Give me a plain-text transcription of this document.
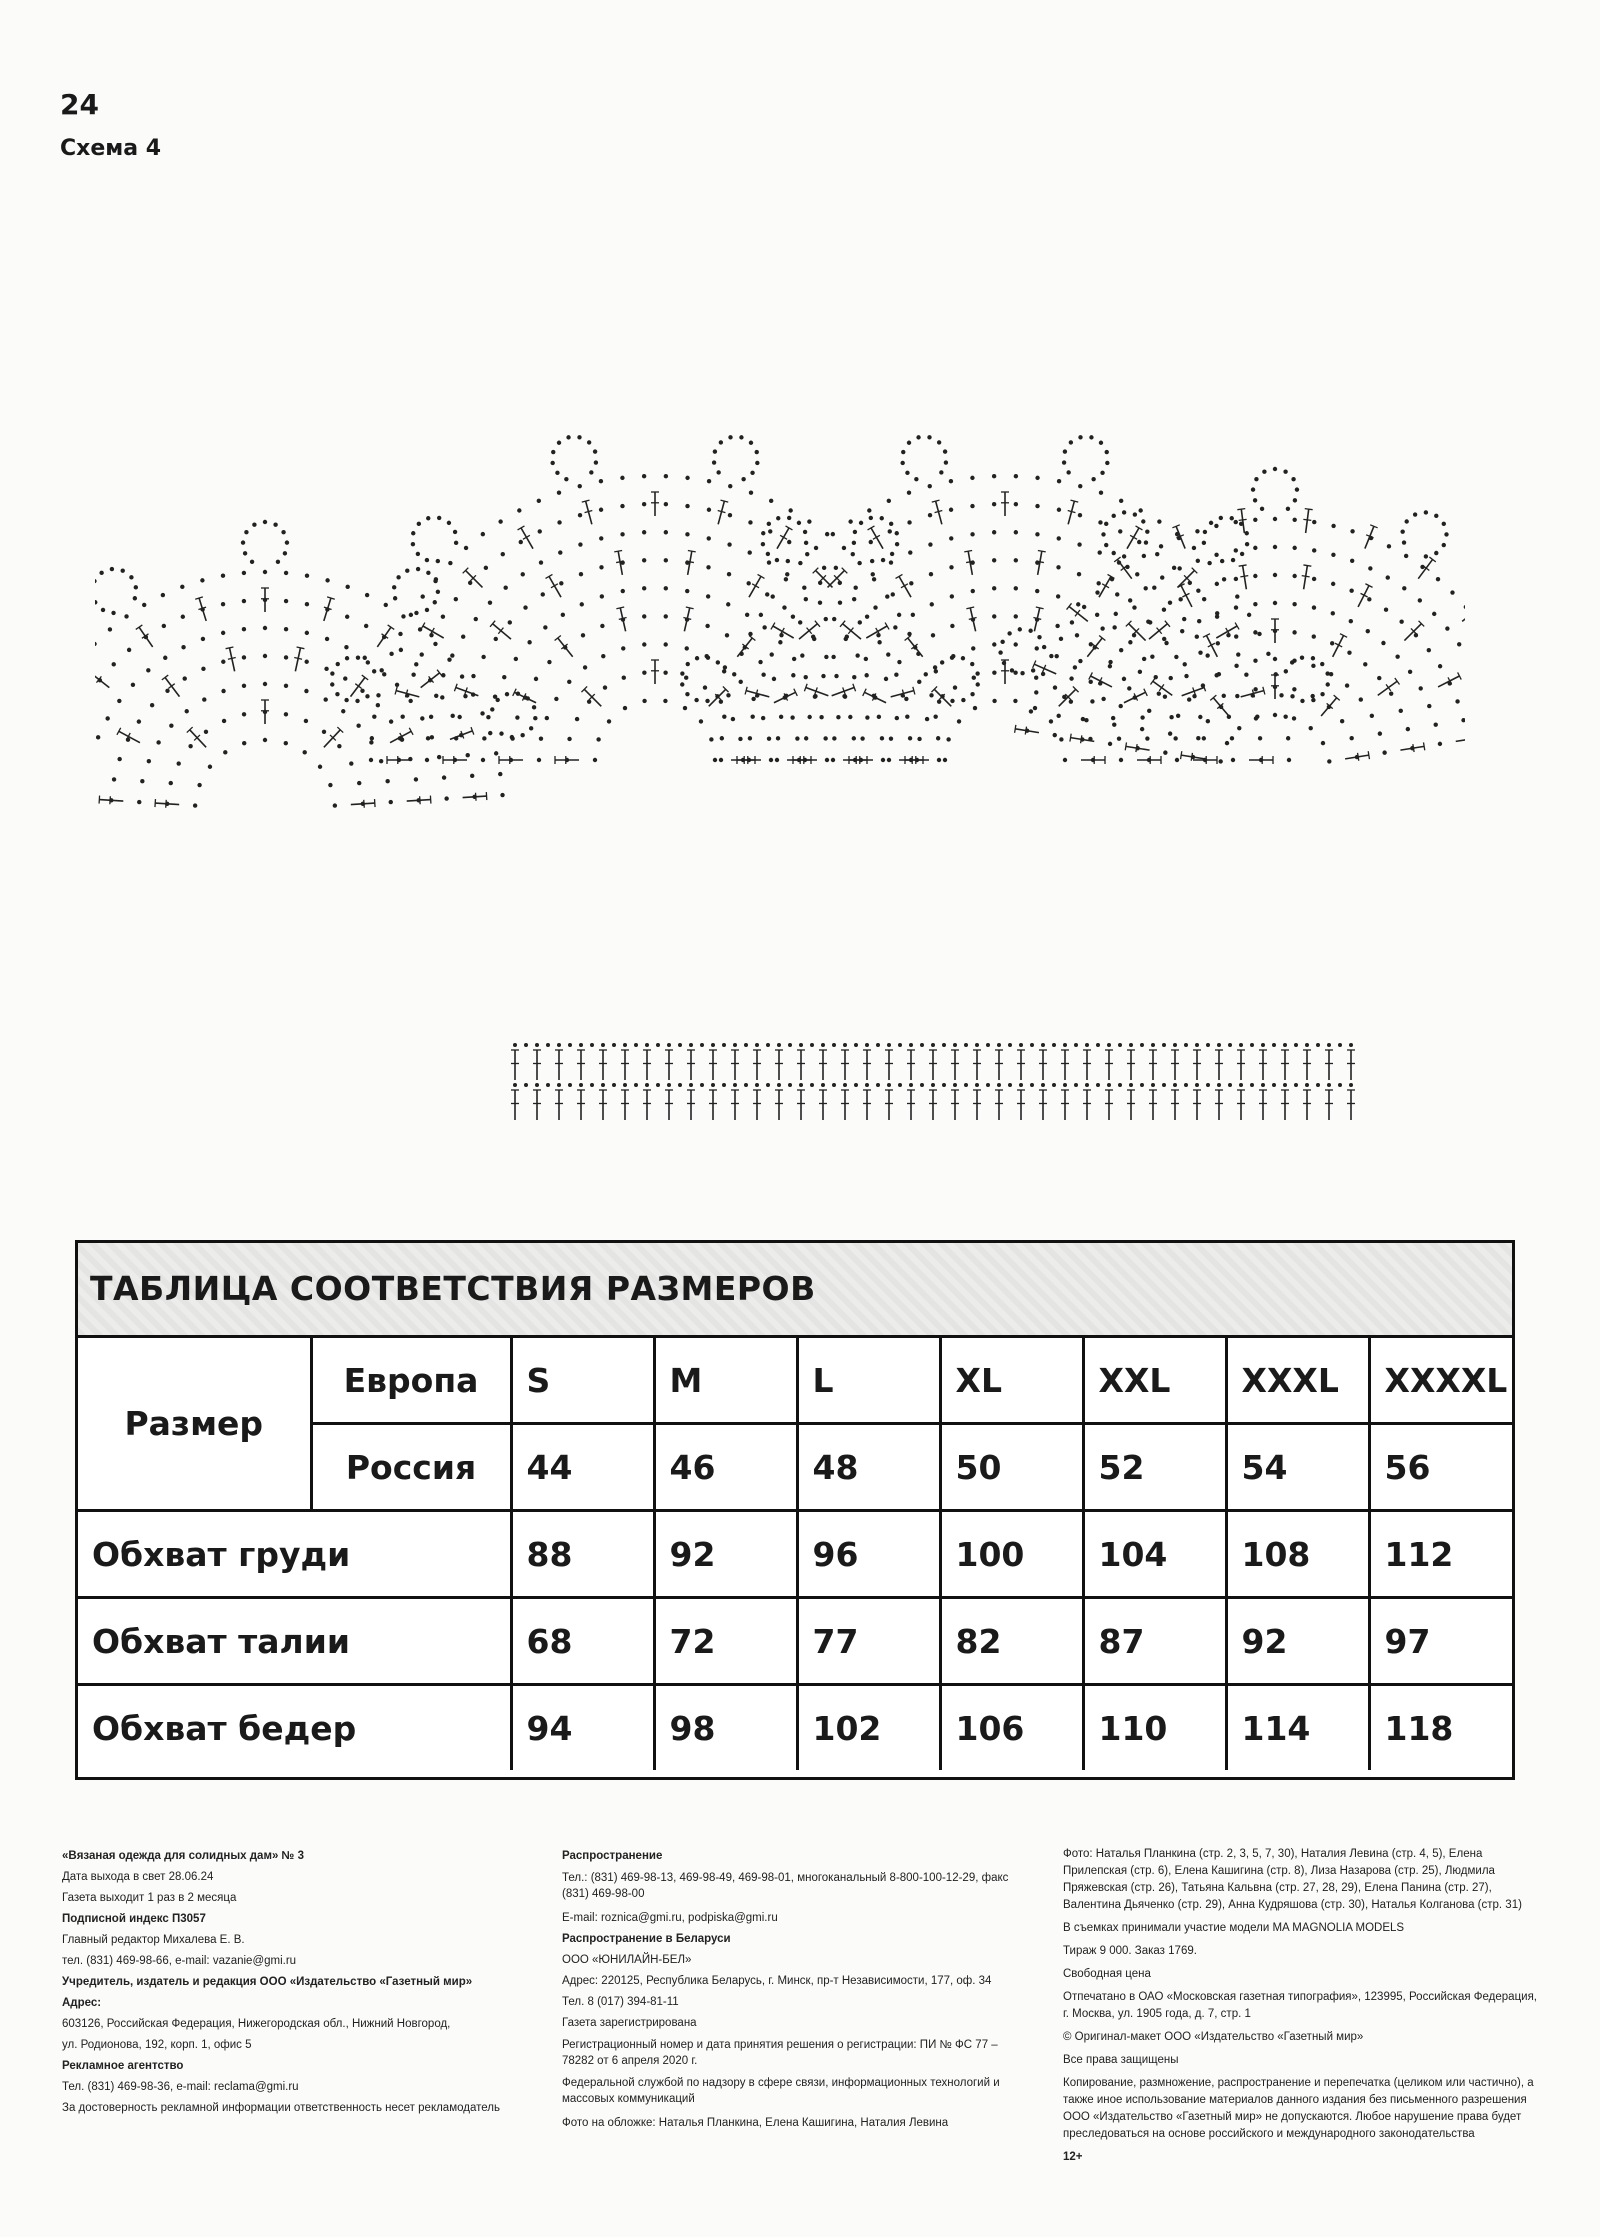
24
Схема 4
ТАБЛИЦА СООТВЕТСТВИЯ РАЗМЕРОВ
Размер	Европа	S	M	L	XL	XXL	XXXL	XXXXL
	Россия	44	46	48	50	52	54	56
Обхват груди		88	92	96	100	104	108	112
Обхват талии		68	72	77	82	87	92	97
Обхват бедер		94	98	102	106	110	114	118
«Вязаная одежда для солидных дам» № 3
Дата выхода в свет 28.06.24
Газета выходит 1 раз в 2 месяца
Подписной индекс П3057
Главный редактор Михалева Е. В.
тел. (831) 469-98-66, e-mail: vazanie@gmi.ru
Учредитель, издатель и редакция ООО «Издательство «Газетный мир»
Адрес:
603126, Российская Федерация, Нижегородская обл., Нижний Новгород,
ул. Родионова, 192, корп. 1, офис 5
Рекламное агентство
Тел. (831) 469-98-36, e-mail: reclama@gmi.ru
За достоверность рекламной информации ответственность несет рекламодатель
Распространение
Тел.: (831) 469-98-13, 469-98-49, 469-98-01, многоканальный 8-800-100-12-29, факс (831) 469-98-00
E-mail: roznica@gmi.ru, podpiska@gmi.ru
Распространение в Беларуси
ООО «ЮНИЛАЙН-БЕЛ»
Адрес: 220125, Республика Беларусь, г. Минск, пр-т Независимости, 177, оф. 34
Тел. 8 (017) 394-81-11
Газета зарегистрирована
Регистрационный номер и дата принятия решения о регистрации: ПИ № ФС 77 – 78282 от 6 апреля 2020 г.
Федеральной службой по надзору в сфере связи, информационных технологий и массовых коммуникаций
Фото на обложке: Наталья Планкина, Елена Кашигина, Наталия Левина
Фото: Наталья Планкина (стр. 2, 3, 5, 7, 30), Наталия Левина (стр. 4, 5), Елена Прилепская (стр. 6), Елена Кашигина (стр. 8), Лиза Назарова (стр. 25), Людмила Пряжевская (стр. 26), Татьяна Кальвна (стр. 27, 28, 29), Елена Панина (стр. 27), Валентина Дьяченко (стр. 29), Анна Кудряшова (стр. 30), Наталья Колганова (стр. 31)
В съемках принимали участие модели MA MAGNOLIA MODELS
Тираж 9 000. Заказ 1769.
Свободная цена
Отпечатано в ОАО «Московская газетная типография», 123995, Российская Федерация, г. Москва, ул. 1905 года, д. 7, стр. 1
© Оригинал-макет ООО «Издательство «Газетный мир»
Все права защищены
Копирование, размножение, распространение и перепечатка (целиком или частично), а также иное использование материалов данного издания без письменного разрешения ООО «Издательство «Газетный мир» не допускаются. Любое нарушение права будет преследоваться на основе российского и международного законодательства
12+
